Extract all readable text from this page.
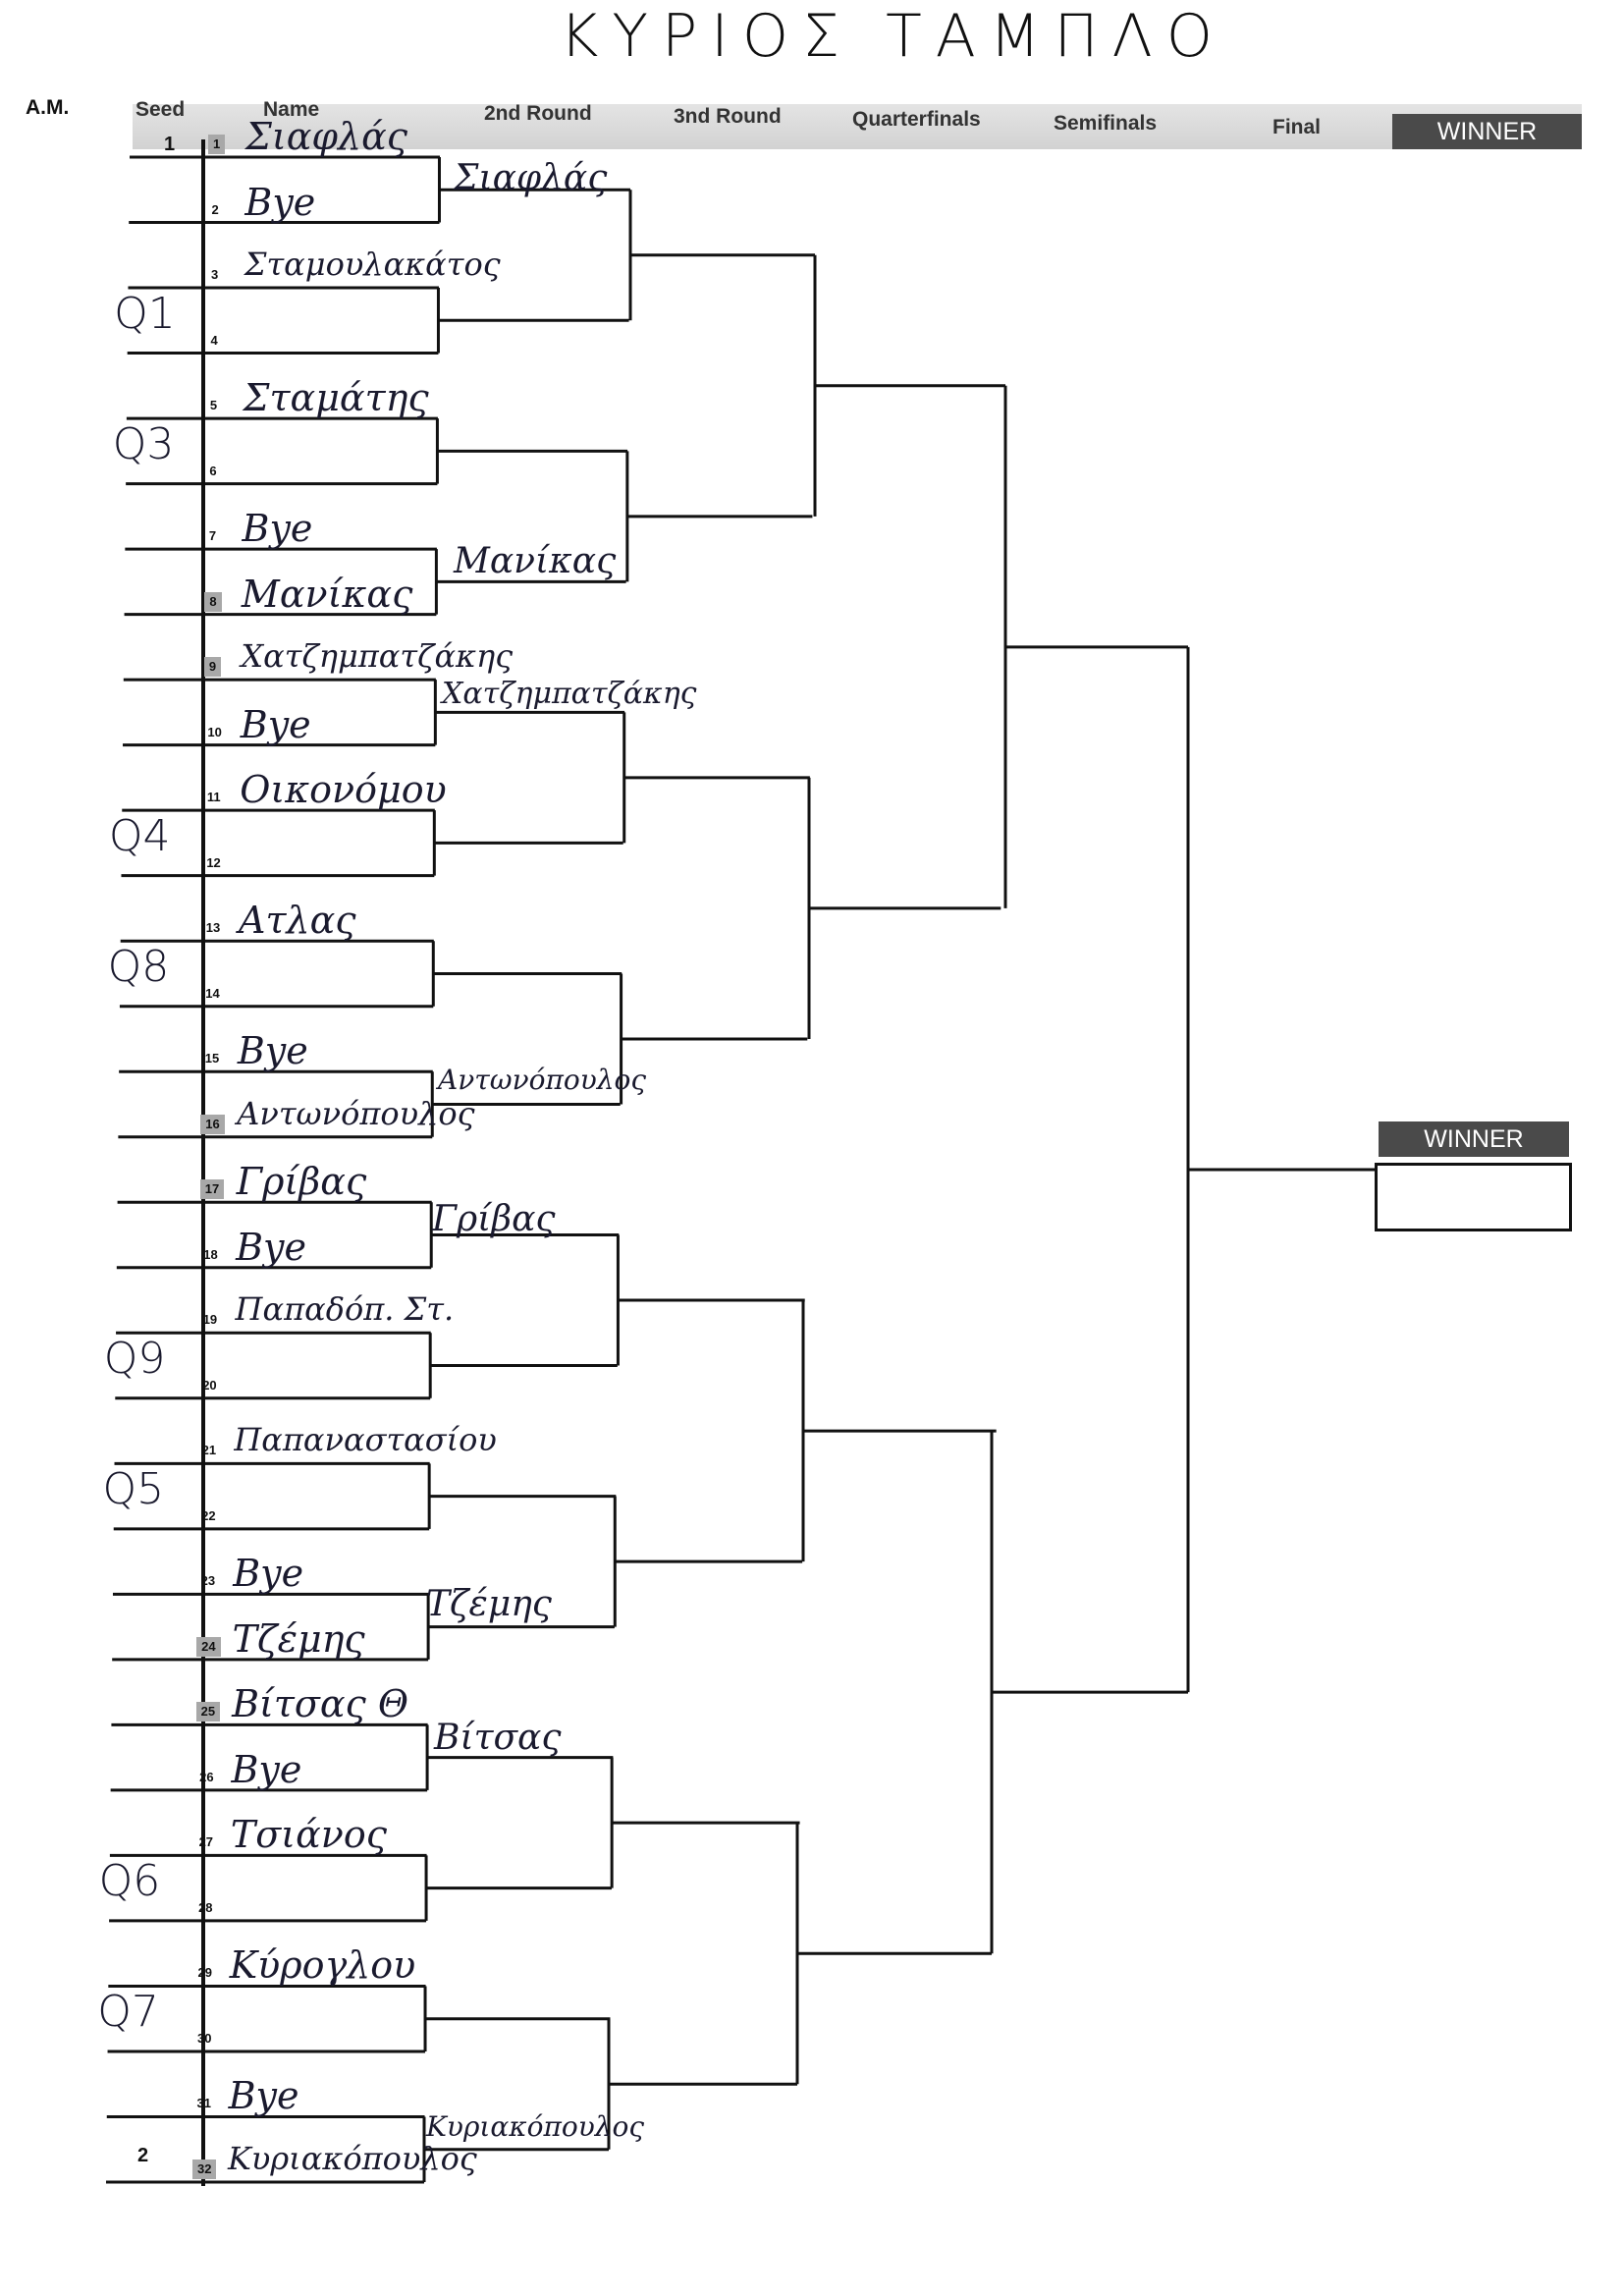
ΚΥΡΙΟΣ ΤΑΜΠΛΟ
A.M.	Seed	Name	2nd Round	3nd Round	Quarterfinals	Semifinals	Final	WINNER
WINNER
1
2
1 Σιαφλάς
2 Bye
3 Σταμουλακάτος
4
5 Σταμάτης
6
7 Bye
8 Μανίκας
9 Χατζημπατζάκης
10 Bye
11 Οικονόμου
12
13 Ατλας
14
15 Bye
16 Αντωνόπουλος
17 Γρίβας
18 Bye
19 Παπαδόπ. Στ.
20
21 Παπαναστασίου
22
23 Bye
24 Τζέμης
25 Βίτσας Θ
26 Bye
27 Τσιάνος
28
29 Κύρογλου
30
31 Bye
32 Κυριακόπουλος
Q1
Q3
Q4
Q8
Q9
Q5
Q6
Q7
Σιαφλάς
Μανίκας
Χατζημπατζάκης
Αντωνόπουλος
Γρίβας
Τζέμης
Βίτσας
Κυριακόπουλος
